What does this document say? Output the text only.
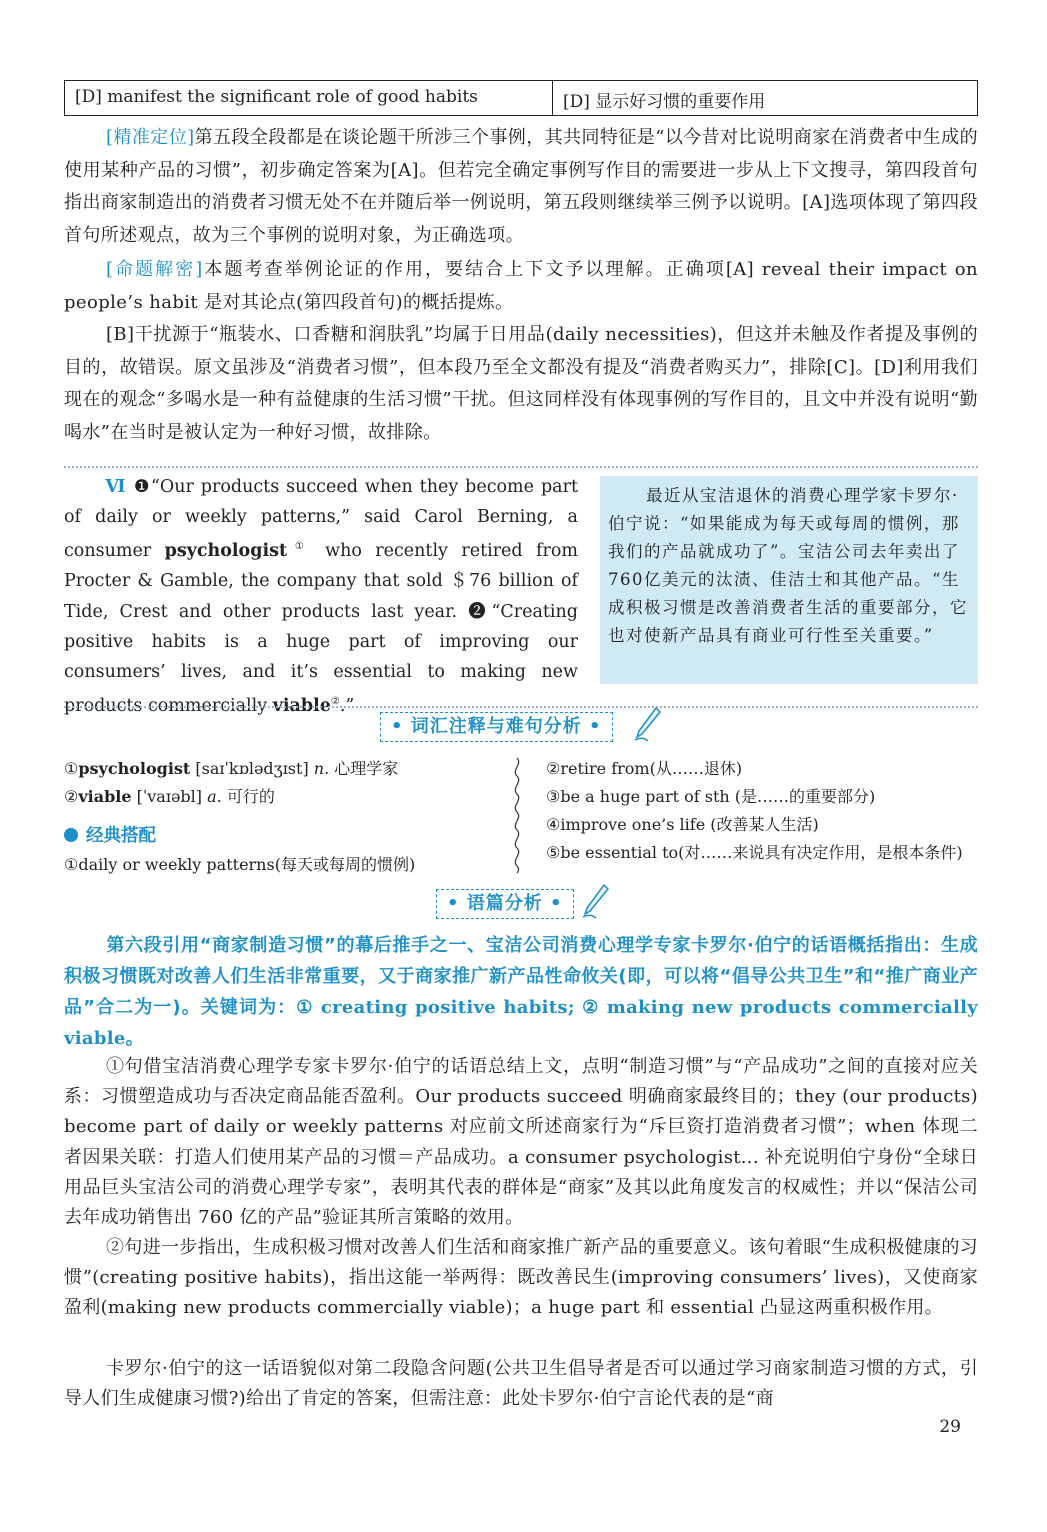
[D] manifest the significant role of good habits	[D] 显示好习惯的重要作用
[精准定位]第五段全段都是在谈论题干所涉三个事例，其共同特征是“以今昔对比说明商家在消费者中生成的使用某种产品的习惯”，初步确定答案为[A]。但若完全确定事例写作目的需要进一步从上下文搜寻，第四段首句指出商家制造出的消费者习惯无处不在并随后举一例说明，第五段则继续举三例予以说明。[A]选项体现了第四段首句所述观点，故为三个事例的说明对象，为正确选项。
[命题解密]本题考查举例论证的作用，要结合上下文予以理解。正确项[A] reveal their impact on people’s habit 是对其论点(第四段首句)的概括提炼。
[B]干扰源于“瓶装水、口香糖和润肤乳”均属于日用品(daily necessities)，但这并未触及作者提及事例的目的，故错误。原文虽涉及“消费者习惯”，但本段乃至全文都没有提及“消费者购买力”，排除[C]。[D]利用我们现在的观念“多喝水是一种有益健康的生活习惯”干扰。但这同样没有体现事例的写作目的，且文中并没有说明“勤喝水”在当时是被认定为一种好习惯，故排除。
Ⅵ ❶“Our products succeed when they become part of daily or weekly patterns,” said Carol Berning, a consumer psychologist① who recently retired from Procter & Gamble, the company that sold ＄76 billion of Tide, Crest and other products last year. ❷“Creating positive habits is a huge part of improving our consumers’ lives, and it’s essential to making new products commercially viable②.”
最近从宝洁退休的消费心理学家卡罗尔·伯宁说：“如果能成为每天或每周的惯例，那我们的产品就成功了”。宝洁公司去年卖出了760亿美元的汰渍、佳洁士和其他产品。“生成积极习惯是改善消费者生活的重要部分，它也对使新产品具有商业可行性至关重要。”
• 词汇注释与难句分析 •
①psychologist [saɪˈkɒlədʒɪst] n. 心理学家
②viable [ˈvaɪəbl] a. 可行的
经典搭配
①daily or weekly patterns(每天或每周的惯例)
②retire from(从……退休)
③be a huge part of sth (是……的重要部分)
④improve one’s life (改善某人生活)
⑤be essential to(对……来说具有决定作用，是根本条件)
• 语篇分析 •
第六段引用“商家制造习惯”的幕后推手之一、宝洁公司消费心理学专家卡罗尔·伯宁的话语概括指出：生成积极习惯既对改善人们生活非常重要，又于商家推广新产品性命攸关(即，可以将“倡导公共卫生”和“推广商业产品”合二为一)。关键词为：① creating positive habits; ② making new products commercially viable。
①句借宝洁消费心理学专家卡罗尔·伯宁的话语总结上文，点明“制造习惯”与“产品成功”之间的直接对应关系：习惯塑造成功与否决定商品能否盈利。Our products succeed 明确商家最终目的；they (our products) become part of daily or weekly patterns 对应前文所述商家行为“斥巨资打造消费者习惯”；when 体现二者因果关联：打造人们使用某产品的习惯＝产品成功。a consumer psychologist... 补充说明伯宁身份“全球日用品巨头宝洁公司的消费心理学专家”，表明其代表的群体是“商家”及其以此角度发言的权威性；并以“保洁公司去年成功销售出 760 亿的产品”验证其所言策略的效用。
②句进一步指出，生成积极习惯对改善人们生活和商家推广新产品的重要意义。该句着眼“生成积极健康的习惯”(creating positive habits)，指出这能一举两得：既改善民生(improving consumers’ lives)，又使商家盈利(making new products commercially viable)；a huge part 和 essential 凸显这两重积极作用。
卡罗尔·伯宁的这一话语貌似对第二段隐含问题(公共卫生倡导者是否可以通过学习商家制造习惯的方式，引导人们生成健康习惯?)给出了肯定的答案，但需注意：此处卡罗尔·伯宁言论代表的是“商
29
